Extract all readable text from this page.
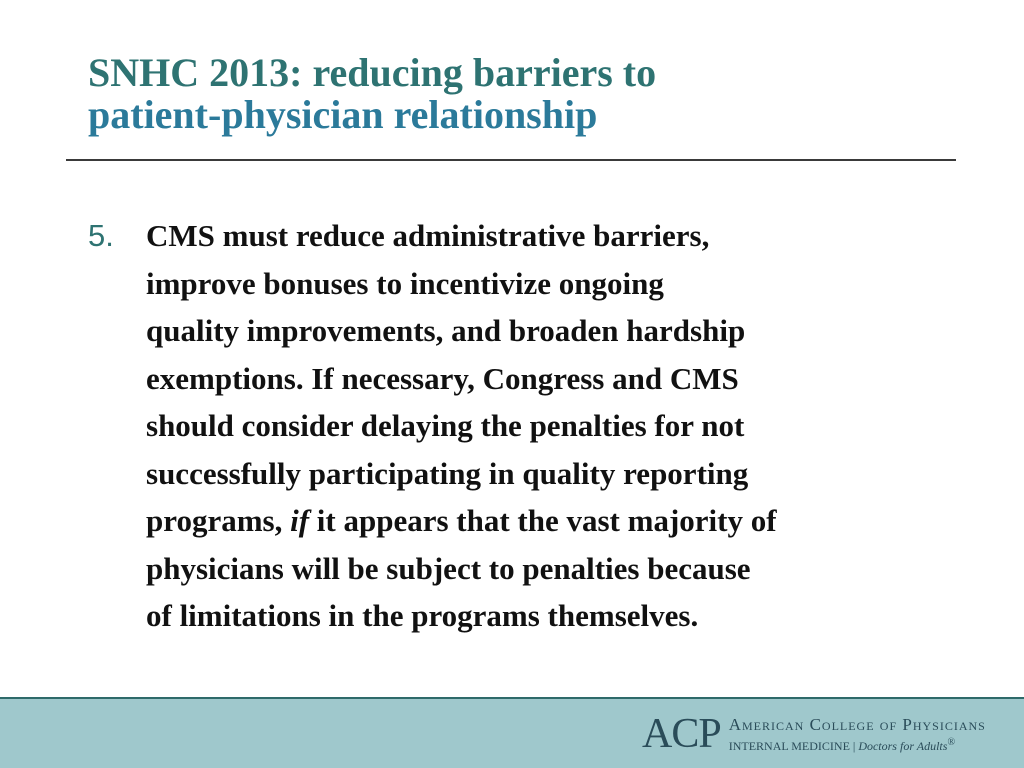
SNHC 2013: reducing barriers to
patient-physician relationship
5. CMS must reduce administrative barriers,
improve bonuses to incentivize ongoing
quality improvements, and broaden hardship
exemptions. If necessary, Congress and CMS
should consider delaying the penalties for not
successfully participating in quality reporting
programs, if it appears that the vast majority of
physicians will be subject to penalties because
of limitations in the programs themselves.

ACP American College of Physicians
INTERNAL MEDICINE | Doctors for Adults®
